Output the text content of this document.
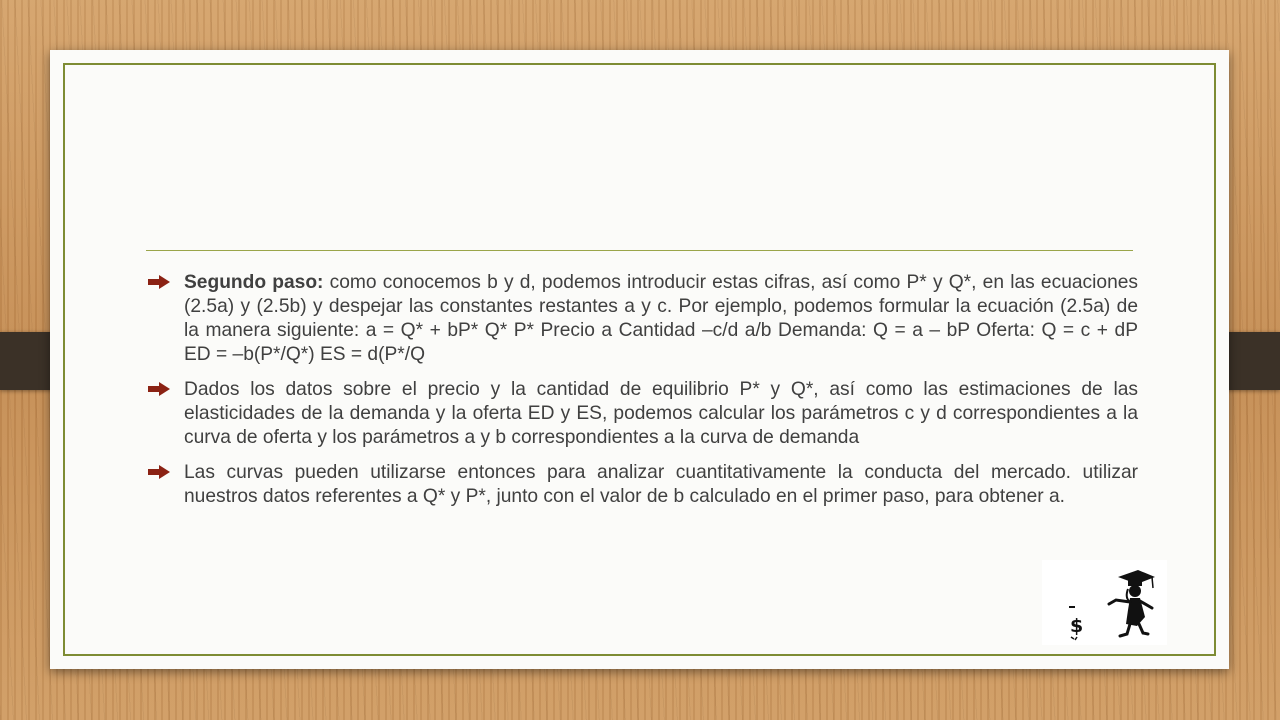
Segundo paso: como conocemos b y d, podemos introducir estas cifras, así como P* y Q*, en las ecuaciones (2.5a) y (2.5b) y despejar las constantes restantes a y c. Por ejemplo, podemos formular la ecuación (2.5a) de la manera siguiente: a = Q* + bP* Q* P* Precio a Cantidad –c/d a/b Demanda: Q = a – bP Oferta: Q = c + dP ED = –b(P*/Q*) ES = d(P*/Q
Dados los datos sobre el precio y la cantidad de equilibrio P* y Q*, así como las estimaciones de las elasticidades de la demanda y la oferta ED y ES, podemos calcular los parámetros c y d correspondientes a la curva de oferta y los parámetros a y b correspondientes a la curva de demanda
Las curvas pueden utilizarse entonces para analizar cuantitativamente la conducta del mercado. utilizar nuestros datos referentes a Q* y P*, junto con el valor de b calculado en el primer paso, para obtener a.
$
